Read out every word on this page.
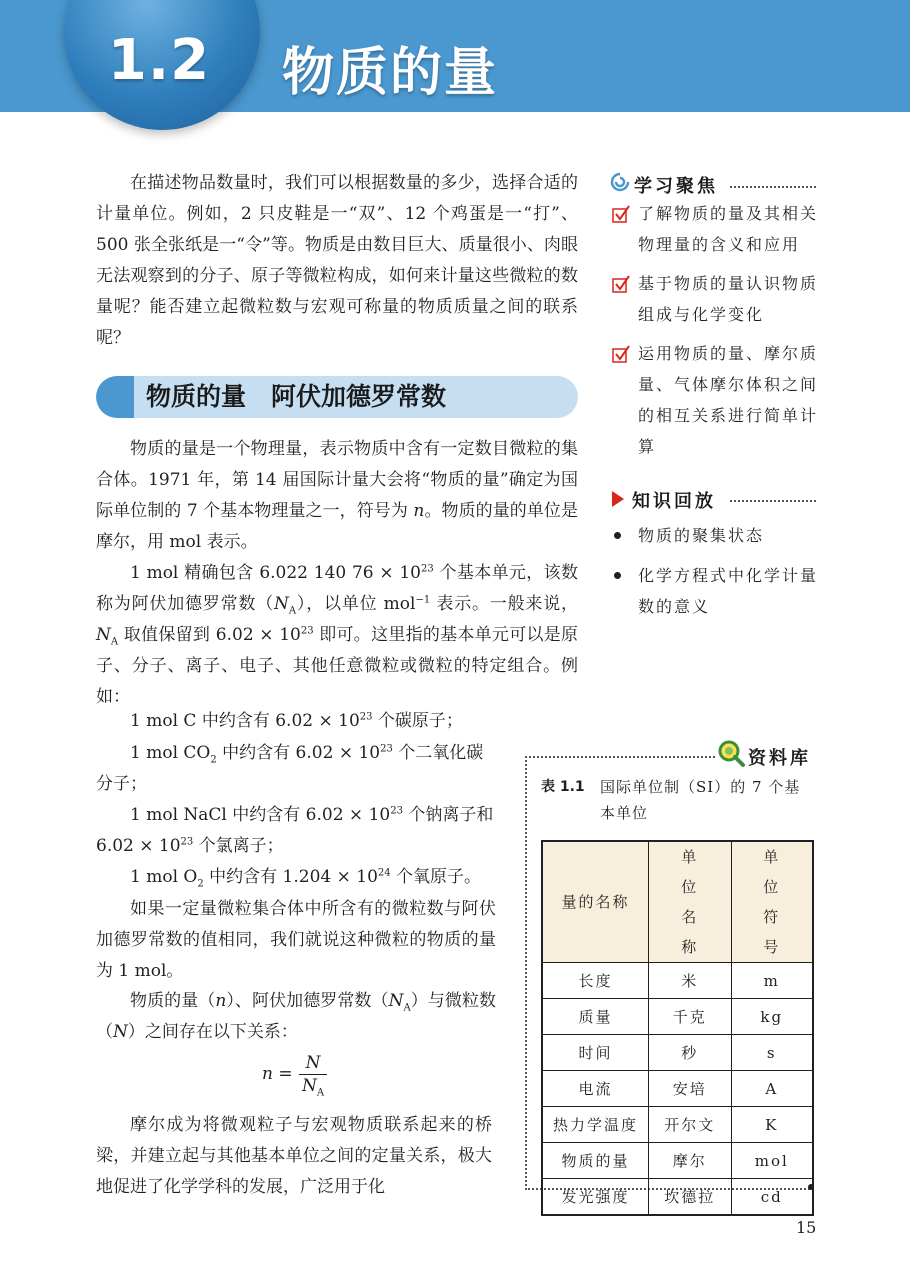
1.2	物质的量
在描述物品数量时，我们可以根据数量的多少，选择合适的计量单位。例如，2 只皮鞋是一“双”、12 个鸡蛋是一“打”、500 张全张纸是一“令”等。物质是由数目巨大、质量很小、肉眼无法观察到的分子、原子等微粒构成，如何来计量这些微粒的数量呢？能否建立起微粒数与宏观可称量的物质质量之间的联系呢？
物质的量　阿伏加德罗常数
物质的量是一个物理量，表示物质中含有一定数目微粒的集合体。1971 年，第 14 届国际计量大会将“物质的量”确定为国际单位制的 7 个基本物理量之一，符号为 n。物质的量的单位是摩尔，用 mol 表示。
1 mol 精确包含 6.022 140 $76 \times 10^{23}$ 个基本单元，该数称为阿伏加德罗常数$(N_A)$，以单位 mol$^{-1}$ 表示。一般来说，$N_A$ 取值保留到 $6.02 \times 10^{23}$ 即可。这里指的基本单元可以是原子、分子、离子、电子、其他任意微粒或微粒的特定组合。例如：
1 mol C 中约含有 $6.02 \times 10^{23}$ 个碳原子；
1 mol $CO_2$ 中约含有 $6.02 \times 10^{23}$ 个二氧化碳分子；
1 mol NaCl 中约含有 $6.02 \times 10^{23}$ 个钠离子和 $6.02 \times 10^{23}$ 个氯离子；
1 mol $O_2$ 中约含有 $1.204 \times 10^{24}$ 个氧原子。
如果一定量微粒集合体中所含有的微粒数与阿伏加德罗常数的值相同，我们就说这种微粒的物质的量为 1 mol。
物质的量（n）、阿伏加德罗常数$(N_A)$与微粒数（N）之间存在以下关系：
n =
N
$N_A$
摩尔成为将微观粒子与宏观物质联系起来的桥梁，并建立起与其他基本单位之间的定量关系，极大地促进了化学学科的发展，广泛用于化
学习聚焦
了解物质的量及其相关物理量的含义和应用
基于物质的量认识物质组成与化学变化
运用物质的量、摩尔质量、气体摩尔体积之间的相互关系进行简单计算
知识回放
物质的聚集状态
化学方程式中化学计量数的意义
资料库
表 1.1 国际单位制（SI）的 7 个基本单位
量的名称	单位名称	单位符号
长度	米	m
质量	千克	kg
时间	秒	s
电流	安培	A
热力学温度	开尔文	K
物质的量	摩尔	mol
发光强度	坎德拉	cd
15
